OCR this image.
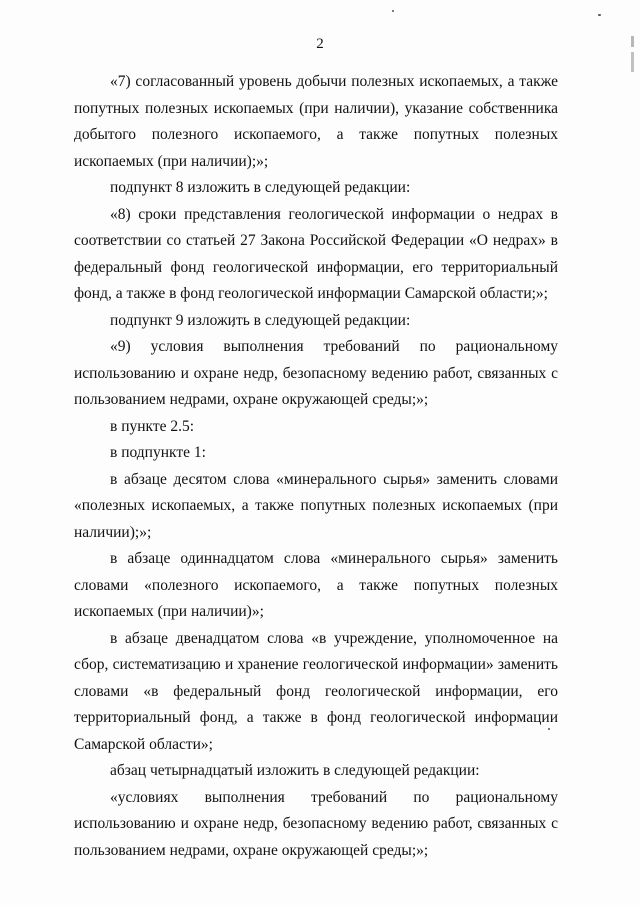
2

«7) согласованный уровень добычи полезных ископаемых, а также попутных полезных ископаемых (при наличии), указание собственника добытого полезного ископаемого, а также попутных полезных ископаемых (при наличии);»;

подпункт 8 изложить в следующей редакции:

«8) сроки представления геологической информации о недрах в соответствии со статьей 27 Закона Российской Федерации «О недрах» в федеральный фонд геологической информации, его территориальный фонд, а также в фонд геологической информации Самарской области;»;

подпункт 9 изложить в следующей редакции:

«9) условия выполнения требований по рациональному использованию и охране недр, безопасному ведению работ, связанных с пользованием недрами, охране окружающей среды;»;

в пункте 2.5:

в подпункте 1:

в абзаце десятом слова «минерального сырья» заменить словами «полезных ископаемых, а также попутных полезных ископаемых (при наличии);»;

в абзаце одиннадцатом слова «минерального сырья» заменить словами «полезного ископаемого, а также попутных полезных ископаемых (при наличии)»;

в абзаце двенадцатом слова «в учреждение, уполномоченное на сбор, систематизацию и хранение геологической информации» заменить словами «в федеральный фонд геологической информации, его территориальный фонд, а также в фонд геологической информации Самарской области»;

абзац четырнадцатый изложить в следующей редакции:

«условиях выполнения требований по рациональному использованию и охране недр, безопасному ведению работ, связанных с пользованием недрами, охране окружающей среды;»;
